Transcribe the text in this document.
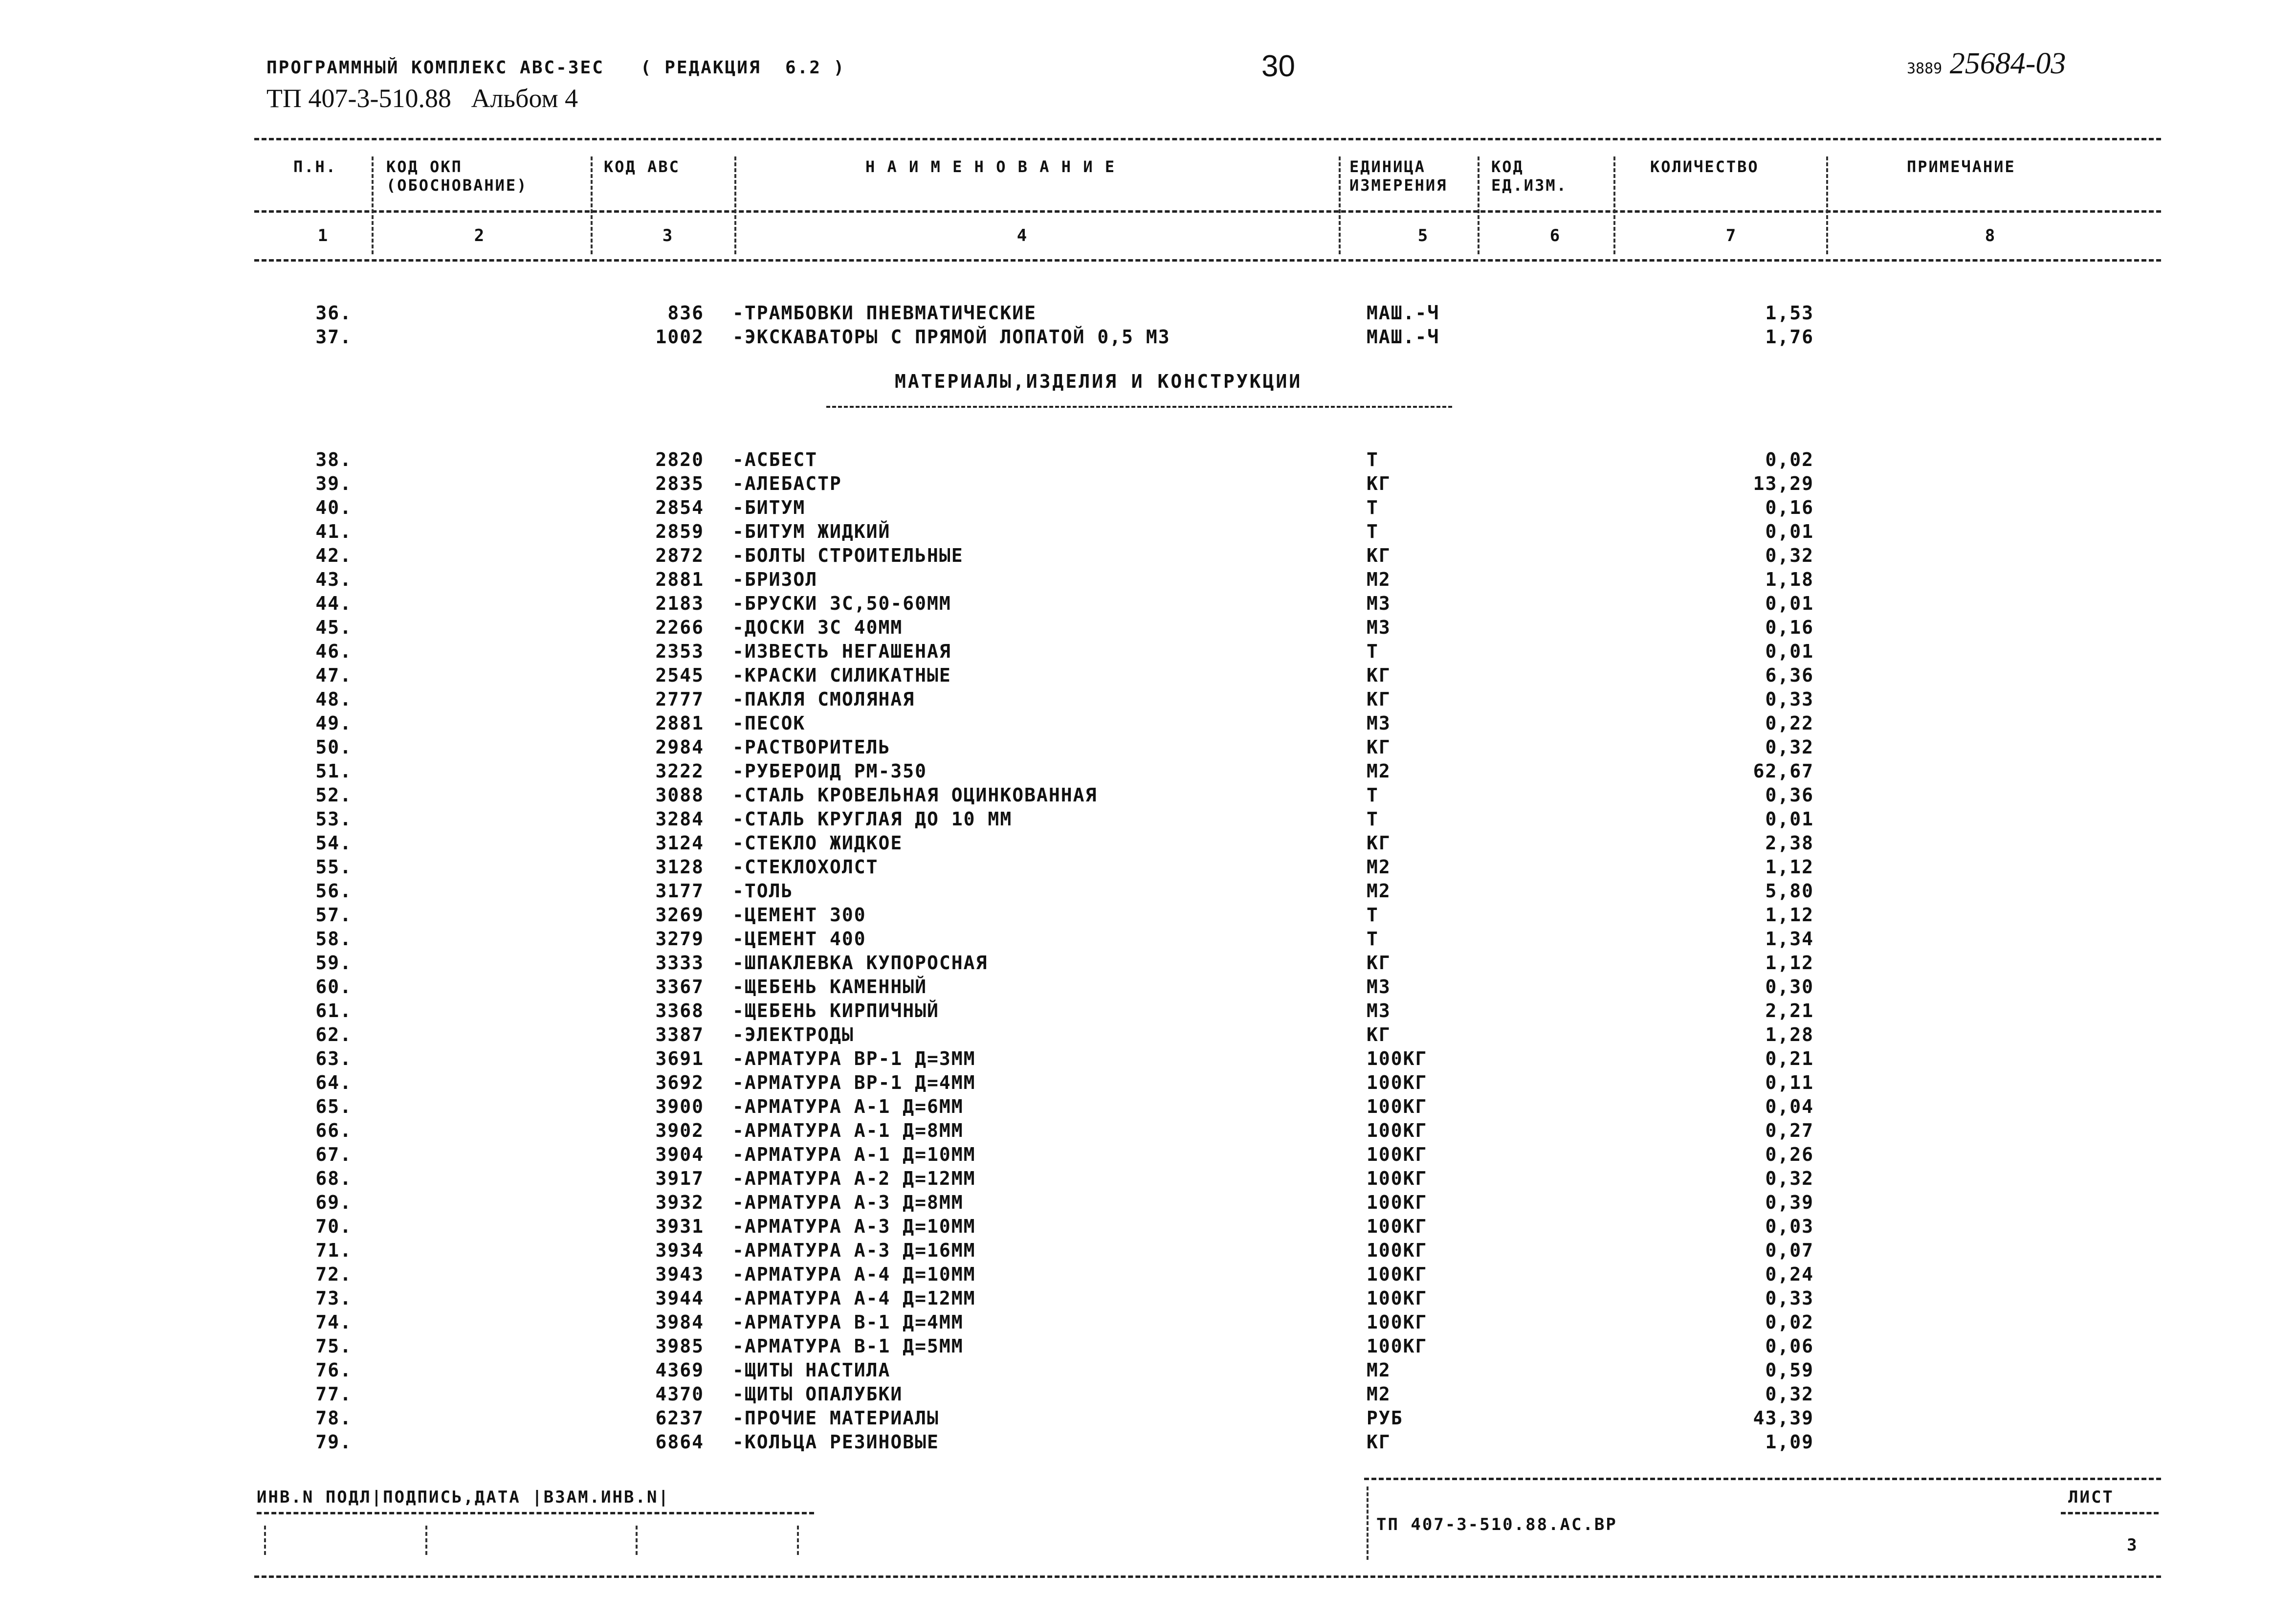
ПРОГРАММНЫЙ КОМПЛЕКС АВС-ЗЕС   ( РЕДАКЦИЯ  6.2 )
ТП 407-3-510.88   Альбом 4
30	3889 25684-03
П.Н.	КОД ОКП
(ОБОСНОВАНИЕ)
КОД АВС	Н А И М Е Н О В А Н И Е	ЕДИНИЦА
ИЗМЕРЕНИЯ
КОД
ЕД.ИЗМ.
КОЛИЧЕСТВО	ПРИМЕЧАНИЕ
1	2	3	4	5	6	7	8
36.	836 -ТРАМБОВКИ ПНЕВМАТИЧЕСКИЕ	МАШ.-Ч	1,53
37.	1002 -ЭКСКАВАТОРЫ С ПРЯМОЙ ЛОПАТОЙ 0,5 М3	МАШ.-Ч	1,76
38.	2820 -АСБЕСТ	Т	0,02
39.	2835 -АЛЕБАСТР	КГ	13,29
40.	2854 -БИТУМ	Т	0,16
41.	2859 -БИТУМ ЖИДКИЙ	Т	0,01
42.	2872 -БОЛТЫ СТРОИТЕЛЬНЫЕ	КГ	0,32
43.	2881 -БРИЗОЛ	М2	1,18
44.	2183 -БРУСКИ 3С,50-60ММ	М3	0,01
45.	2266 -ДОСКИ 3С 40ММ	М3	0,16
46.	2353 -ИЗВЕСТЬ НЕГАШЕНАЯ	Т	0,01
47.	2545 -КРАСКИ СИЛИКАТНЫЕ	КГ	6,36
48.	2777 -ПАКЛЯ СМОЛЯНАЯ	КГ	0,33
49.	2881 -ПЕСОК	М3	0,22
50.	2984 -РАСТВОРИТЕЛЬ	КГ	0,32
51.	3222 -РУБЕРОИД РМ-350	М2	62,67
52.	3088 -СТАЛЬ КРОВЕЛЬНАЯ ОЦИНКОВАННАЯ	Т	0,36
53.	3284 -СТАЛЬ КРУГЛАЯ ДО 10 ММ	Т	0,01
54.	3124 -СТЕКЛО ЖИДКОЕ	КГ	2,38
55.	3128 -СТЕКЛОХОЛСТ	М2	1,12
56.	3177 -ТОЛЬ	М2	5,80
57.	3269 -ЦЕМЕНТ 300	Т	1,12
58.	3279 -ЦЕМЕНТ 400	Т	1,34
59.	3333 -ШПАКЛЕВКА КУПОРОСНАЯ	КГ	1,12
60.	3367 -ЩЕБЕНЬ КАМЕННЫЙ	М3	0,30
61.	3368 -ЩЕБЕНЬ КИРПИЧНЫЙ	М3	2,21
62.	3387 -ЭЛЕКТРОДЫ	КГ	1,28
63.	3691 -АРМАТУРА ВР-1 Д=3ММ	100КГ	0,21
64.	3692 -АРМАТУРА ВР-1 Д=4ММ	100КГ	0,11
65.	3900 -АРМАТУРА А-1 Д=6ММ	100КГ	0,04
66.	3902 -АРМАТУРА А-1 Д=8ММ	100КГ	0,27
67.	3904 -АРМАТУРА А-1 Д=10ММ	100КГ	0,26
68.	3917 -АРМАТУРА А-2 Д=12ММ	100КГ	0,32
69.	3932 -АРМАТУРА А-3 Д=8ММ	100КГ	0,39
70.	3931 -АРМАТУРА А-3 Д=10ММ	100КГ	0,03
71.	3934 -АРМАТУРА А-3 Д=16ММ	100КГ	0,07
72.	3943 -АРМАТУРА А-4 Д=10ММ	100КГ	0,24
73.	3944 -АРМАТУРА А-4 Д=12ММ	100КГ	0,33
74.	3984 -АРМАТУРА В-1 Д=4ММ	100КГ	0,02
75.	3985 -АРМАТУРА В-1 Д=5ММ	100КГ	0,06
76.	4369 -ЩИТЫ НАСТИЛА	М2	0,59
77.	4370 -ЩИТЫ ОПАЛУБКИ	М2	0,32
78.	6237 -ПРОЧИЕ МАТЕРИАЛЫ	РУБ	43,39
79.	6864 -КОЛЬЦА РЕЗИНОВЫЕ	КГ	1,09
МАТЕРИАЛЫ,ИЗДЕЛИЯ И КОНСТРУКЦИИ
ИНВ.N ПОДЛ|ПОДПИСЬ,ДАТА |ВЗАМ.ИНВ.N|
ТП 407-3-510.88.АС.ВР
ЛИСТ
3
